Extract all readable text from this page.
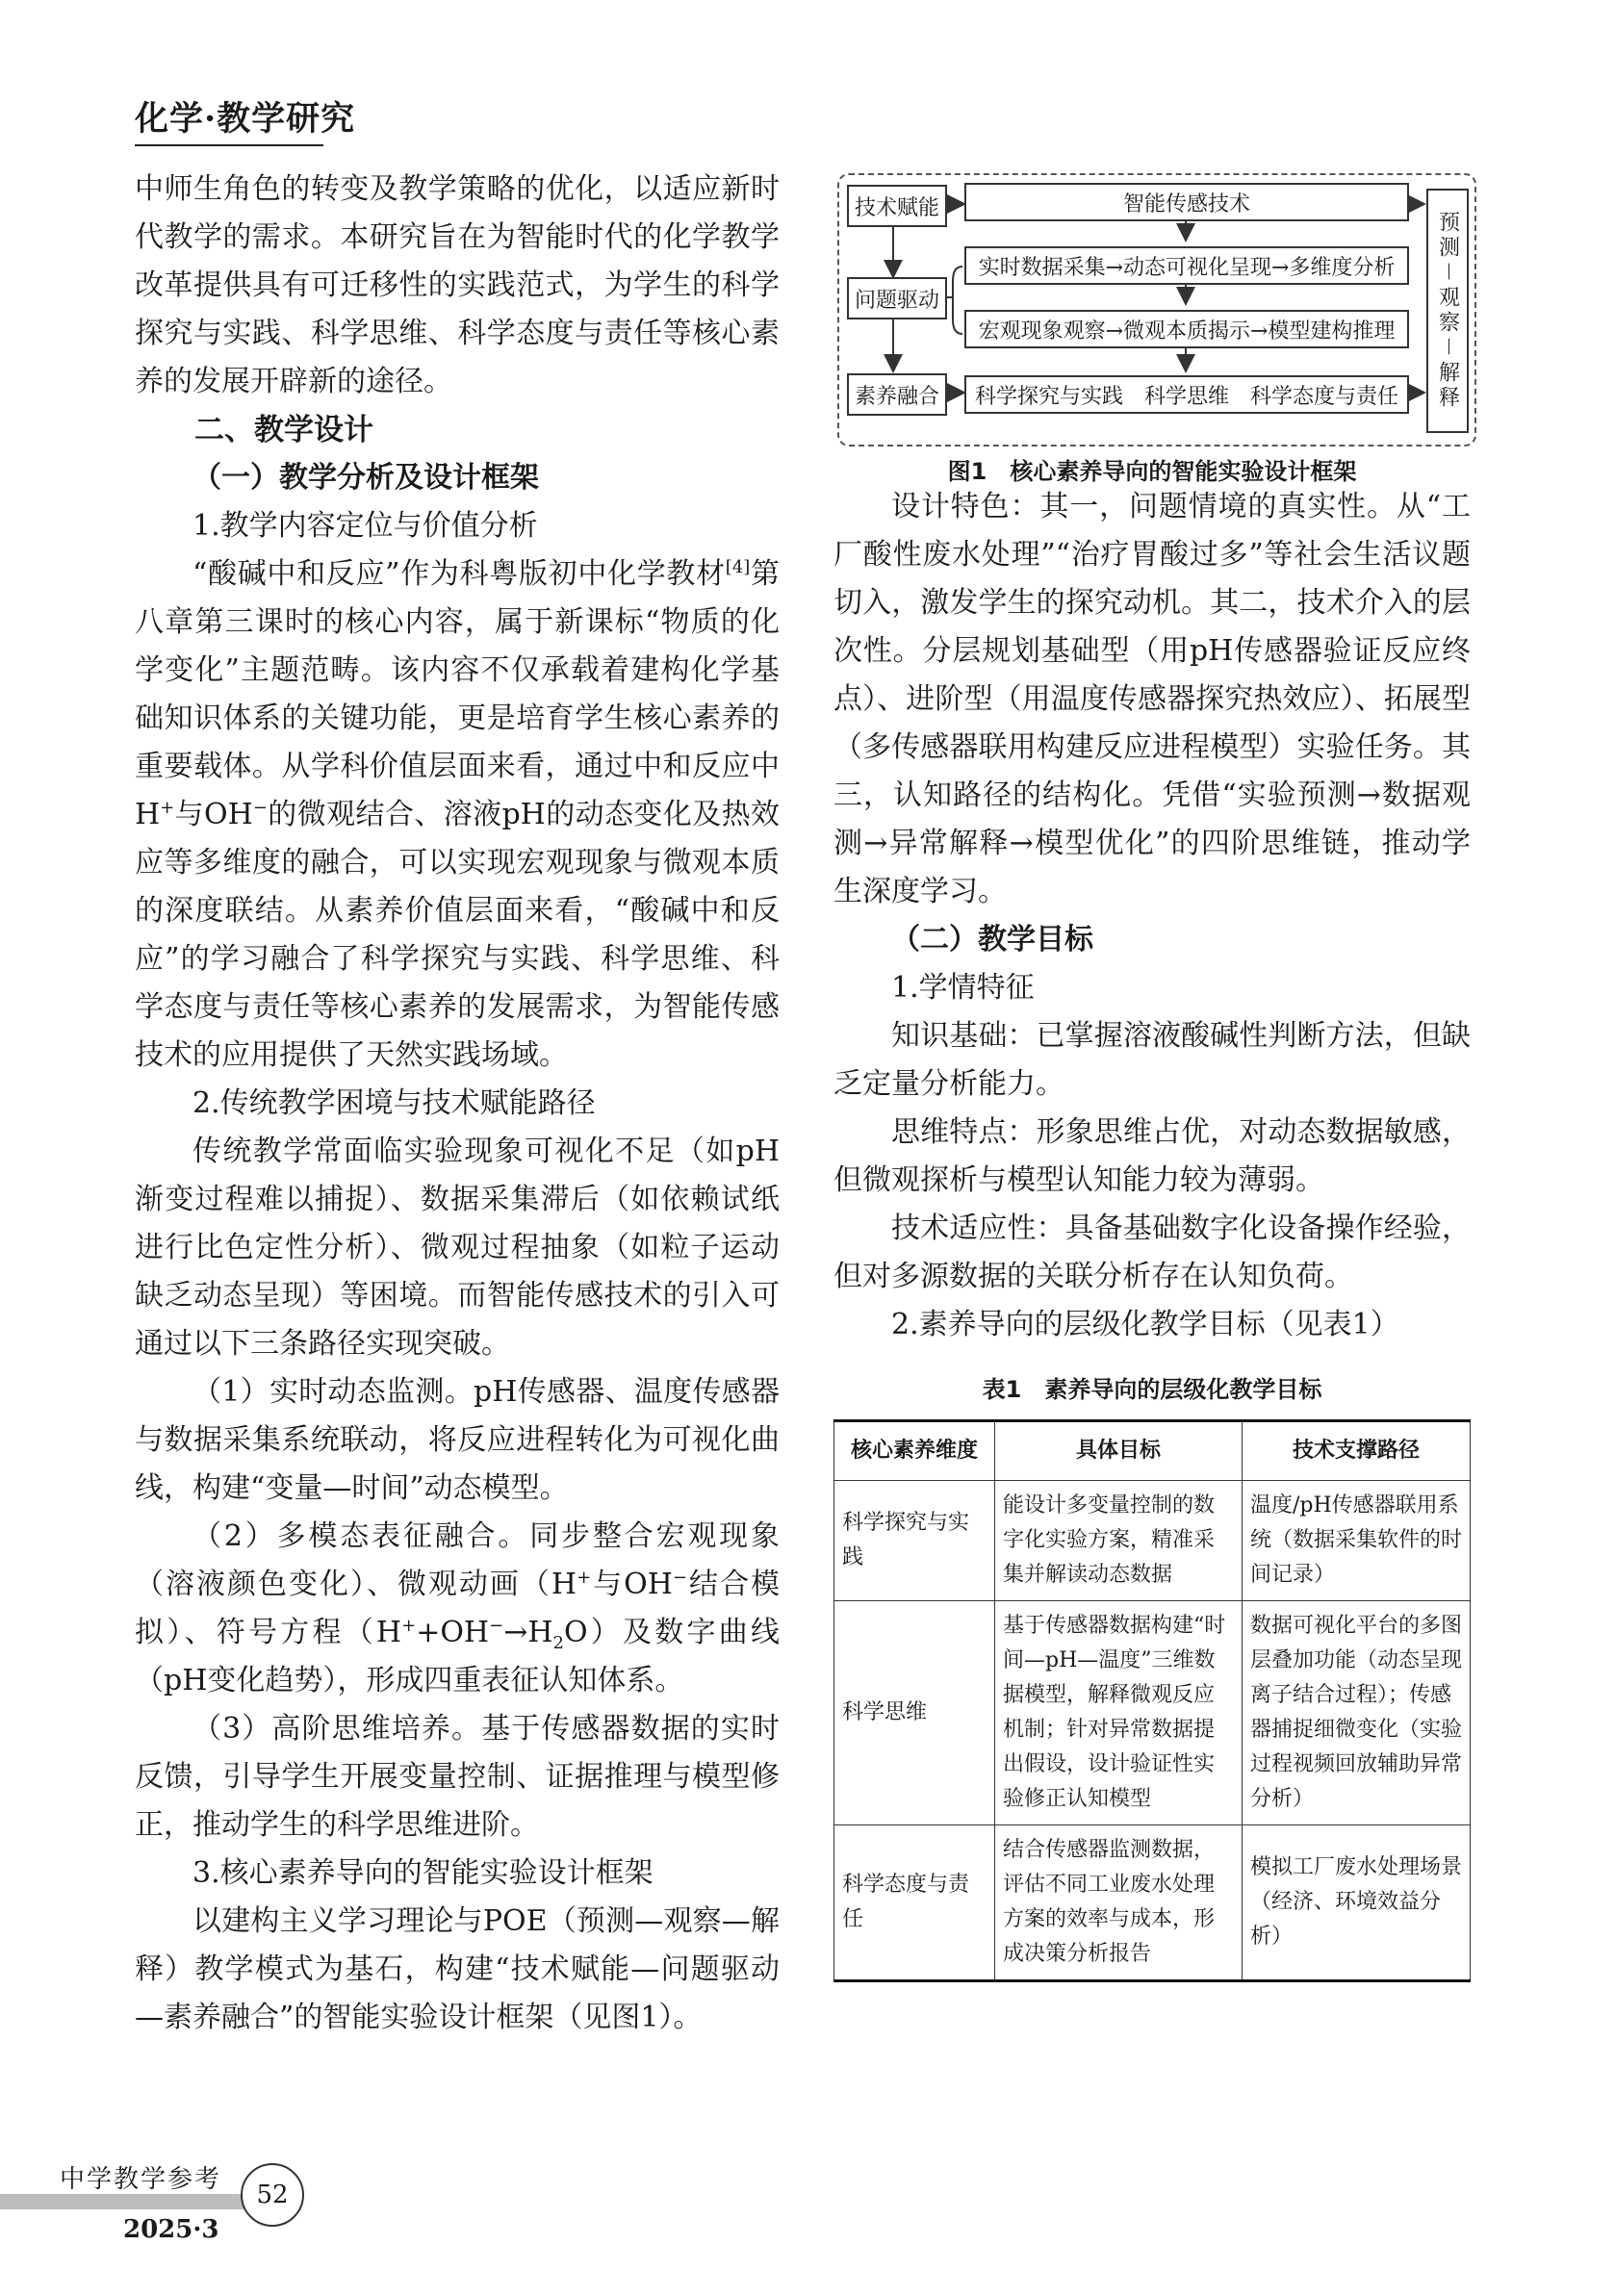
化学·教学研究

中师生角色的转变及教学策略的优化，以适应新时代教学的需求。本研究旨在为智能时代的化学教学改革提供具有可迁移性的实践范式，为学生的科学探究与实践、科学思维、科学态度与责任等核心素养的发展开辟新的途径。

二、教学设计
（一）教学分析及设计框架
1.教学内容定位与价值分析

“酸碱中和反应”作为科粤版初中化学教材[4]第八章第三课时的核心内容，属于新课标“物质的化学变化”主题范畴。该内容不仅承载着建构化学基础知识体系的关键功能，更是培育学生核心素养的重要载体。从学科价值层面来看，通过中和反应中H+与OH−的微观结合、溶液pH的动态变化及热效应等多维度的融合，可以实现宏观现象与微观本质的深度联结。从素养价值层面来看，“酸碱中和反应”的学习融合了科学探究与实践、科学思维、科学态度与责任等核心素养的发展需求，为智能传感技术的应用提供了天然实践场域。

2.传统教学困境与技术赋能路径

传统教学常面临实验现象可视化不足（如pH渐变过程难以捕捉）、数据采集滞后（如依赖试纸进行比色定性分析）、微观过程抽象（如粒子运动缺乏动态呈现）等困境。而智能传感技术的引入可通过以下三条路径实现突破。

（1）实时动态监测。pH传感器、温度传感器与数据采集系统联动，将反应进程转化为可视化曲线，构建“变量—时间”动态模型。

（2）多模态表征融合。同步整合宏观现象（溶液颜色变化）、微观动画（H+与OH−结合模拟）、符号方程$(H^++OH^-\to H_2O)$及数字曲线（pH变化趋势），形成四重表征认知体系。

（3）高阶思维培养。基于传感器数据的实时反馈，引导学生开展变量控制、证据推理与模型修正，推动学生的科学思维进阶。

3.核心素养导向的智能实验设计框架

以建构主义学习理论与POE（预测—观察—解释）教学模式为基石，构建“技术赋能—问题驱动—素养融合”的智能实验设计框架（见图1）。

技术赋能
问题驱动
素养融合
智能传感技术
实时数据采集→动态可视化呈现→多维度分析
宏观现象观察→微观本质揭示→模型建构推理
科学探究与实践　科学思维　科学态度与责任	预测－观察－解释
图1　核心素养导向的智能实验设计框架

设计特色：其一，问题情境的真实性。从“工厂酸性废水处理”“治疗胃酸过多”等社会生活议题切入，激发学生的探究动机。其二，技术介入的层次性。分层规划基础型（用pH传感器验证反应终点）、进阶型（用温度传感器探究热效应）、拓展型（多传感器联用构建反应进程模型）实验任务。其三，认知路径的结构化。凭借“实验预测→数据观测→异常解释→模型优化”的四阶思维链，推动学生深度学习。

（二）教学目标
1.学情特征

知识基础：已掌握溶液酸碱性判断方法，但缺乏定量分析能力。

思维特点：形象思维占优，对动态数据敏感，但微观探析与模型认知能力较为薄弱。

技术适应性：具备基础数字化设备操作经验，但对多源数据的关联分析存在认知负荷。

2.素养导向的层级化教学目标（见表1）
表1　素养导向的层级化教学目标
核心素养维度	具体目标	技术支撑路径
科学探究与实践	能设计多变量控制的数字化实验方案，精准采集并解读动态数据	温度/pH传感器联用系统（数据采集软件的时间记录）
科学思维	基于传感器数据构建“时间—pH—温度”三维数据模型，解释微观反应机制；针对异常数据提出假设，设计验证性实验修正认知模型	数据可视化平台的多图层叠加功能（动态呈现离子结合过程）；传感器捕捉细微变化（实验过程视频回放辅助异常分析）
科学态度与责任	结合传感器监测数据，评估不同工业废水处理方案的效率与成本，形成决策分析报告	模拟工厂废水处理场景（经济、环境效益分析）
中学教学参考
2025·3
52
